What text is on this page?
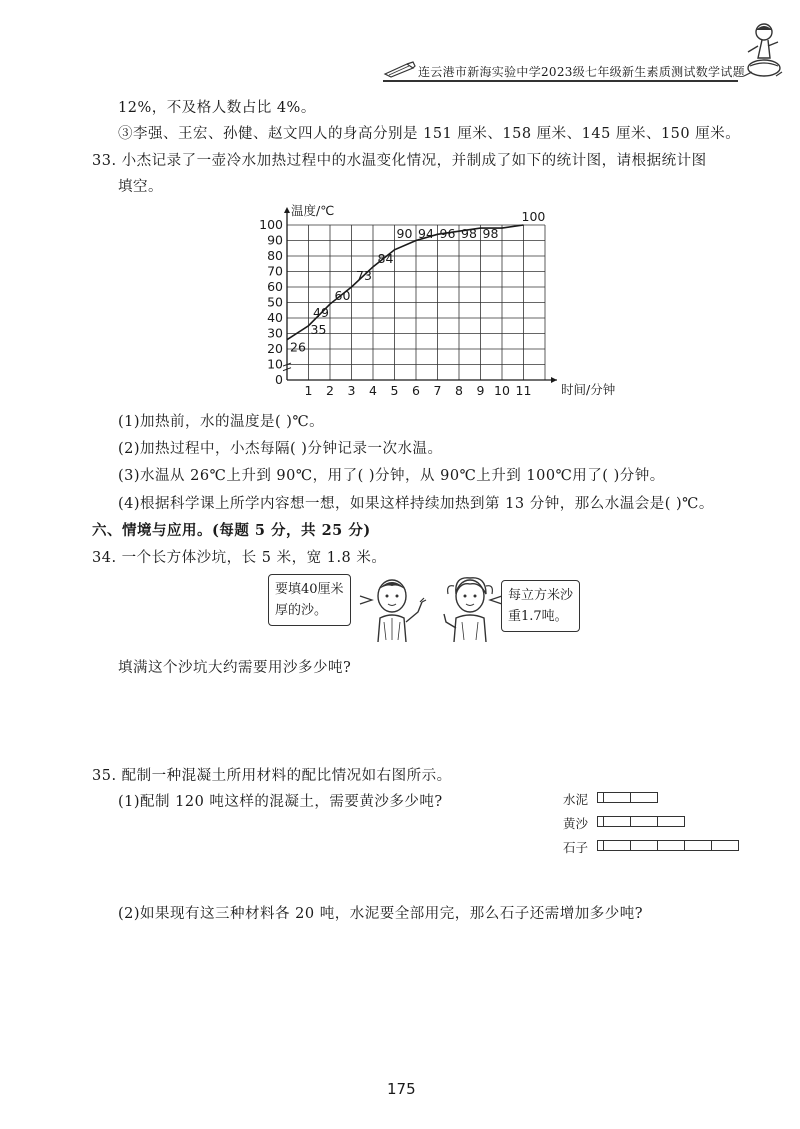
连云港市新海实验中学2023级七年级新生素质测试数学试题
12%，不及格人数占比 4%。
③李强、王宏、孙健、赵文四人的身高分别是 151 厘米、158 厘米、145 厘米、150 厘米。
33. 小杰记录了一壶冷水加热过程中的水温变化情况，并制成了如下的统计图，请根据统计图
填空。
0
10
20
30
40
50
60
70
80
90
100
1 2 3 4 5 6 7 8 9 10 11
26
35
49
60
73
84
90 94 96 98 98
100
温度/℃
时间/分钟
(1)加热前，水的温度是( )℃。
(2)加热过程中，小杰每隔( )分钟记录一次水温。
(3)水温从 26℃上升到 90℃，用了( )分钟，从 90℃上升到 100℃用了( )分钟。
(4)根据科学课上所学内容想一想，如果这样持续加热到第 13 分钟，那么水温会是( )℃。
六、情境与应用。(每题 5 分，共 25 分)
34. 一个长方体沙坑，长 5 米，宽 1.8 米。
要填40厘米
厚的沙。
每立方米沙
重1.7吨。
填满这个沙坑大约需要用沙多少吨?
35. 配制一种混凝土所用材料的配比情况如右图所示。
(1)配制 120 吨这样的混凝土，需要黄沙多少吨?	水泥
黄沙
石子
(2)如果现有这三种材料各 20 吨，水泥要全部用完，那么石子还需增加多少吨?
175
